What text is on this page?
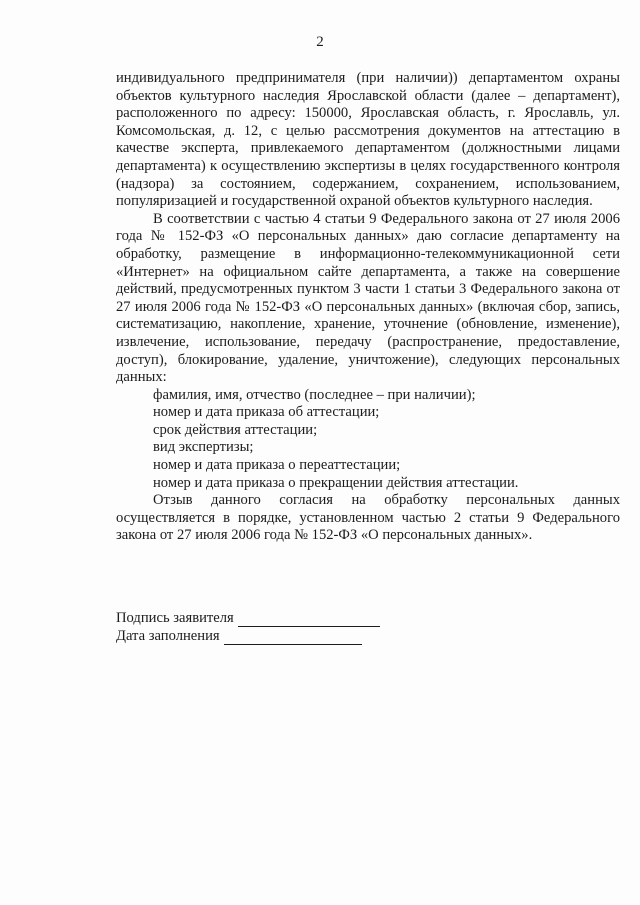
2

индивидуального предпринимателя (при наличии)) департаментом охраны объектов культурного наследия Ярославской области (далее – департамент), расположенного по адресу: 150000, Ярославская область, г. Ярославль, ул. Комсомольская, д. 12, с целью рассмотрения документов на аттестацию в качестве эксперта, привлекаемого департаментом (должностными лицами департамента) к осуществлению экспертизы в целях государственного контроля (надзора) за состоянием, содержанием, сохранением, использованием, популяризацией и государственной охраной объектов культурного наследия.

В соответствии с частью 4 статьи 9 Федерального закона от 27 июля 2006 года № 152-ФЗ «О персональных данных» даю согласие департаменту на обработку, размещение в информационно-телекоммуникационной сети «Интернет» на официальном сайте департамента, а также на совершение действий, предусмотренных пунктом 3 части 1 статьи 3 Федерального закона от 27 июля 2006 года № 152-ФЗ «О персональных данных» (включая сбор, запись, систематизацию, накопление, хранение, уточнение (обновление, изменение), извлечение, использование, передачу (распространение, предоставление, доступ), блокирование, удаление, уничтожение), следующих персональных данных:

фамилия, имя, отчество (последнее – при наличии);
номер и дата приказа об аттестации;
срок действия аттестации;
вид экспертизы;
номер и дата приказа о переаттестации;
номер и дата приказа о прекращении действия аттестации.

Отзыв данного согласия на обработку персональных данных осуществляется в порядке, установленном частью 2 статьи 9 Федерального закона от 27 июля 2006 года № 152-ФЗ «О персональных данных».

Подпись заявителя
Дата заполнения
